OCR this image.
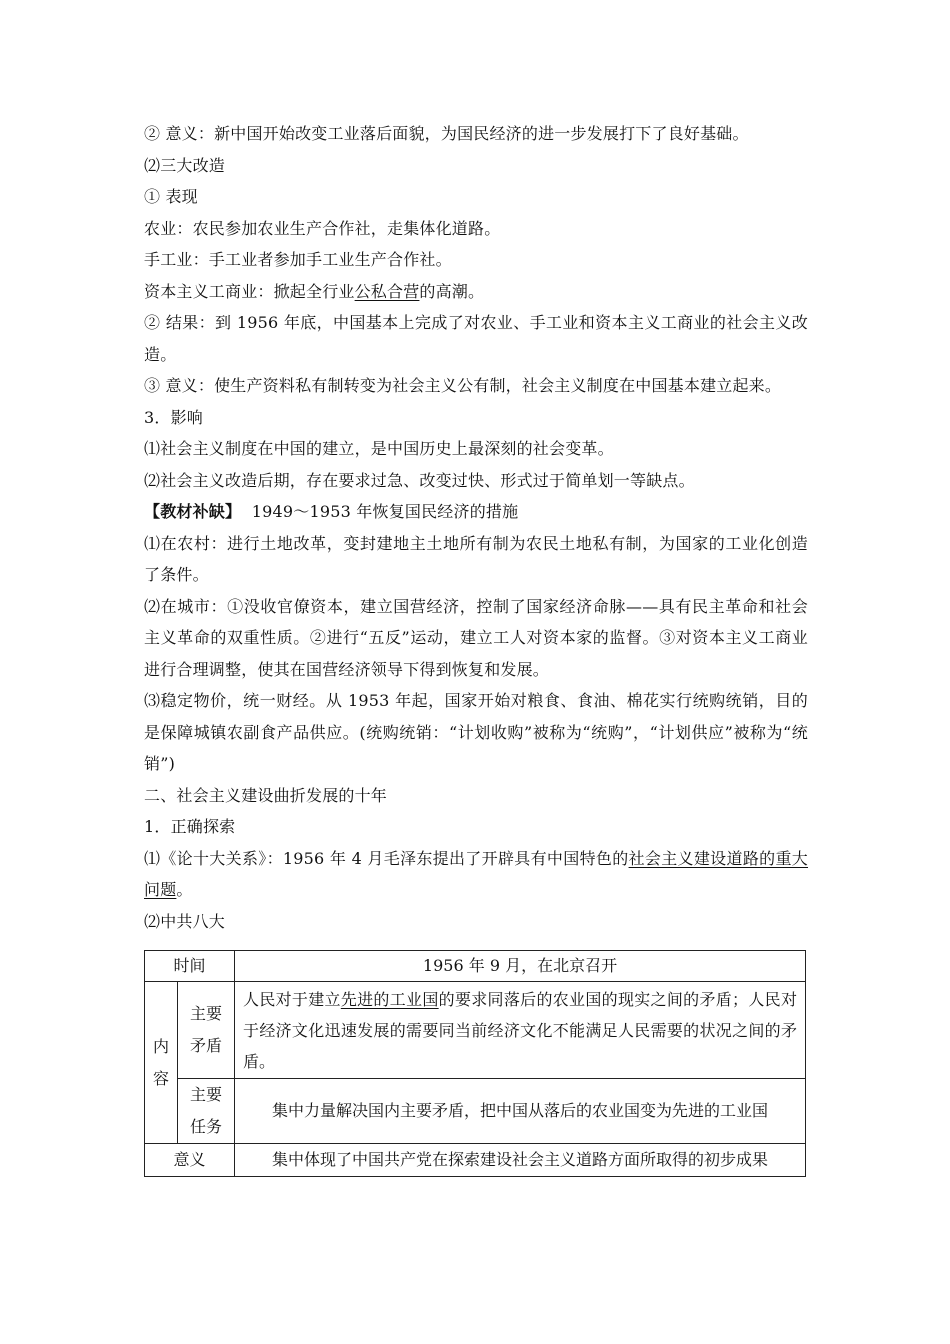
② 意义：新中国开始改变工业落后面貌，为国民经济的进一步发展打下了良好基础。
⑵三大改造
① 表现
农业：农民参加农业生产合作社，走集体化道路。
手工业：手工业者参加手工业生产合作社。
资本主义工商业：掀起全行业公私合营的高潮。
② 结果：到 1956 年底，中国基本上完成了对农业、手工业和资本主义工商业的社会主义改造。
③ 意义：使生产资料私有制转变为社会主义公有制，社会主义制度在中国基本建立起来。
3．影响
⑴社会主义制度在中国的建立，是中国历史上最深刻的社会变革。
⑵社会主义改造后期，存在要求过急、改变过快、形式过于简单划一等缺点。
【教材补缺】 1949～1953 年恢复国民经济的措施
⑴在农村：进行土地改革，变封建地主土地所有制为农民土地私有制，为国家的工业化创造了条件。
⑵在城市：①没收官僚资本，建立国营经济，控制了国家经济命脉——具有民主革命和社会主义革命的双重性质。②进行“五反”运动，建立工人对资本家的监督。③对资本主义工商业进行合理调整，使其在国营经济领导下得到恢复和发展。
⑶稳定物价，统一财经。从 1953 年起，国家开始对粮食、食油、棉花实行统购统销，目的是保障城镇农副食产品供应。(统购统销：“计划收购”被称为“统购”，“计划供应”被称为“统销”)
二、社会主义建设曲折发展的十年
1．正确探索
⑴《论十大关系》：1956 年 4 月毛泽东提出了开辟具有中国特色的社会主义建设道路的重大问题。
⑵中共八大
时间		1956 年 9 月，在北京召开
内容	主要矛盾	人民对于建立先进的工业国的要求同落后的农业国的现实之间的矛盾；人民对于经济文化迅速发展的需要同当前经济文化不能满足人民需要的状况之间的矛盾。
	主要任务	集中力量解决国内主要矛盾，把中国从落后的农业国变为先进的工业国
意义		集中体现了中国共产党在探索建设社会主义道路方面所取得的初步成果
